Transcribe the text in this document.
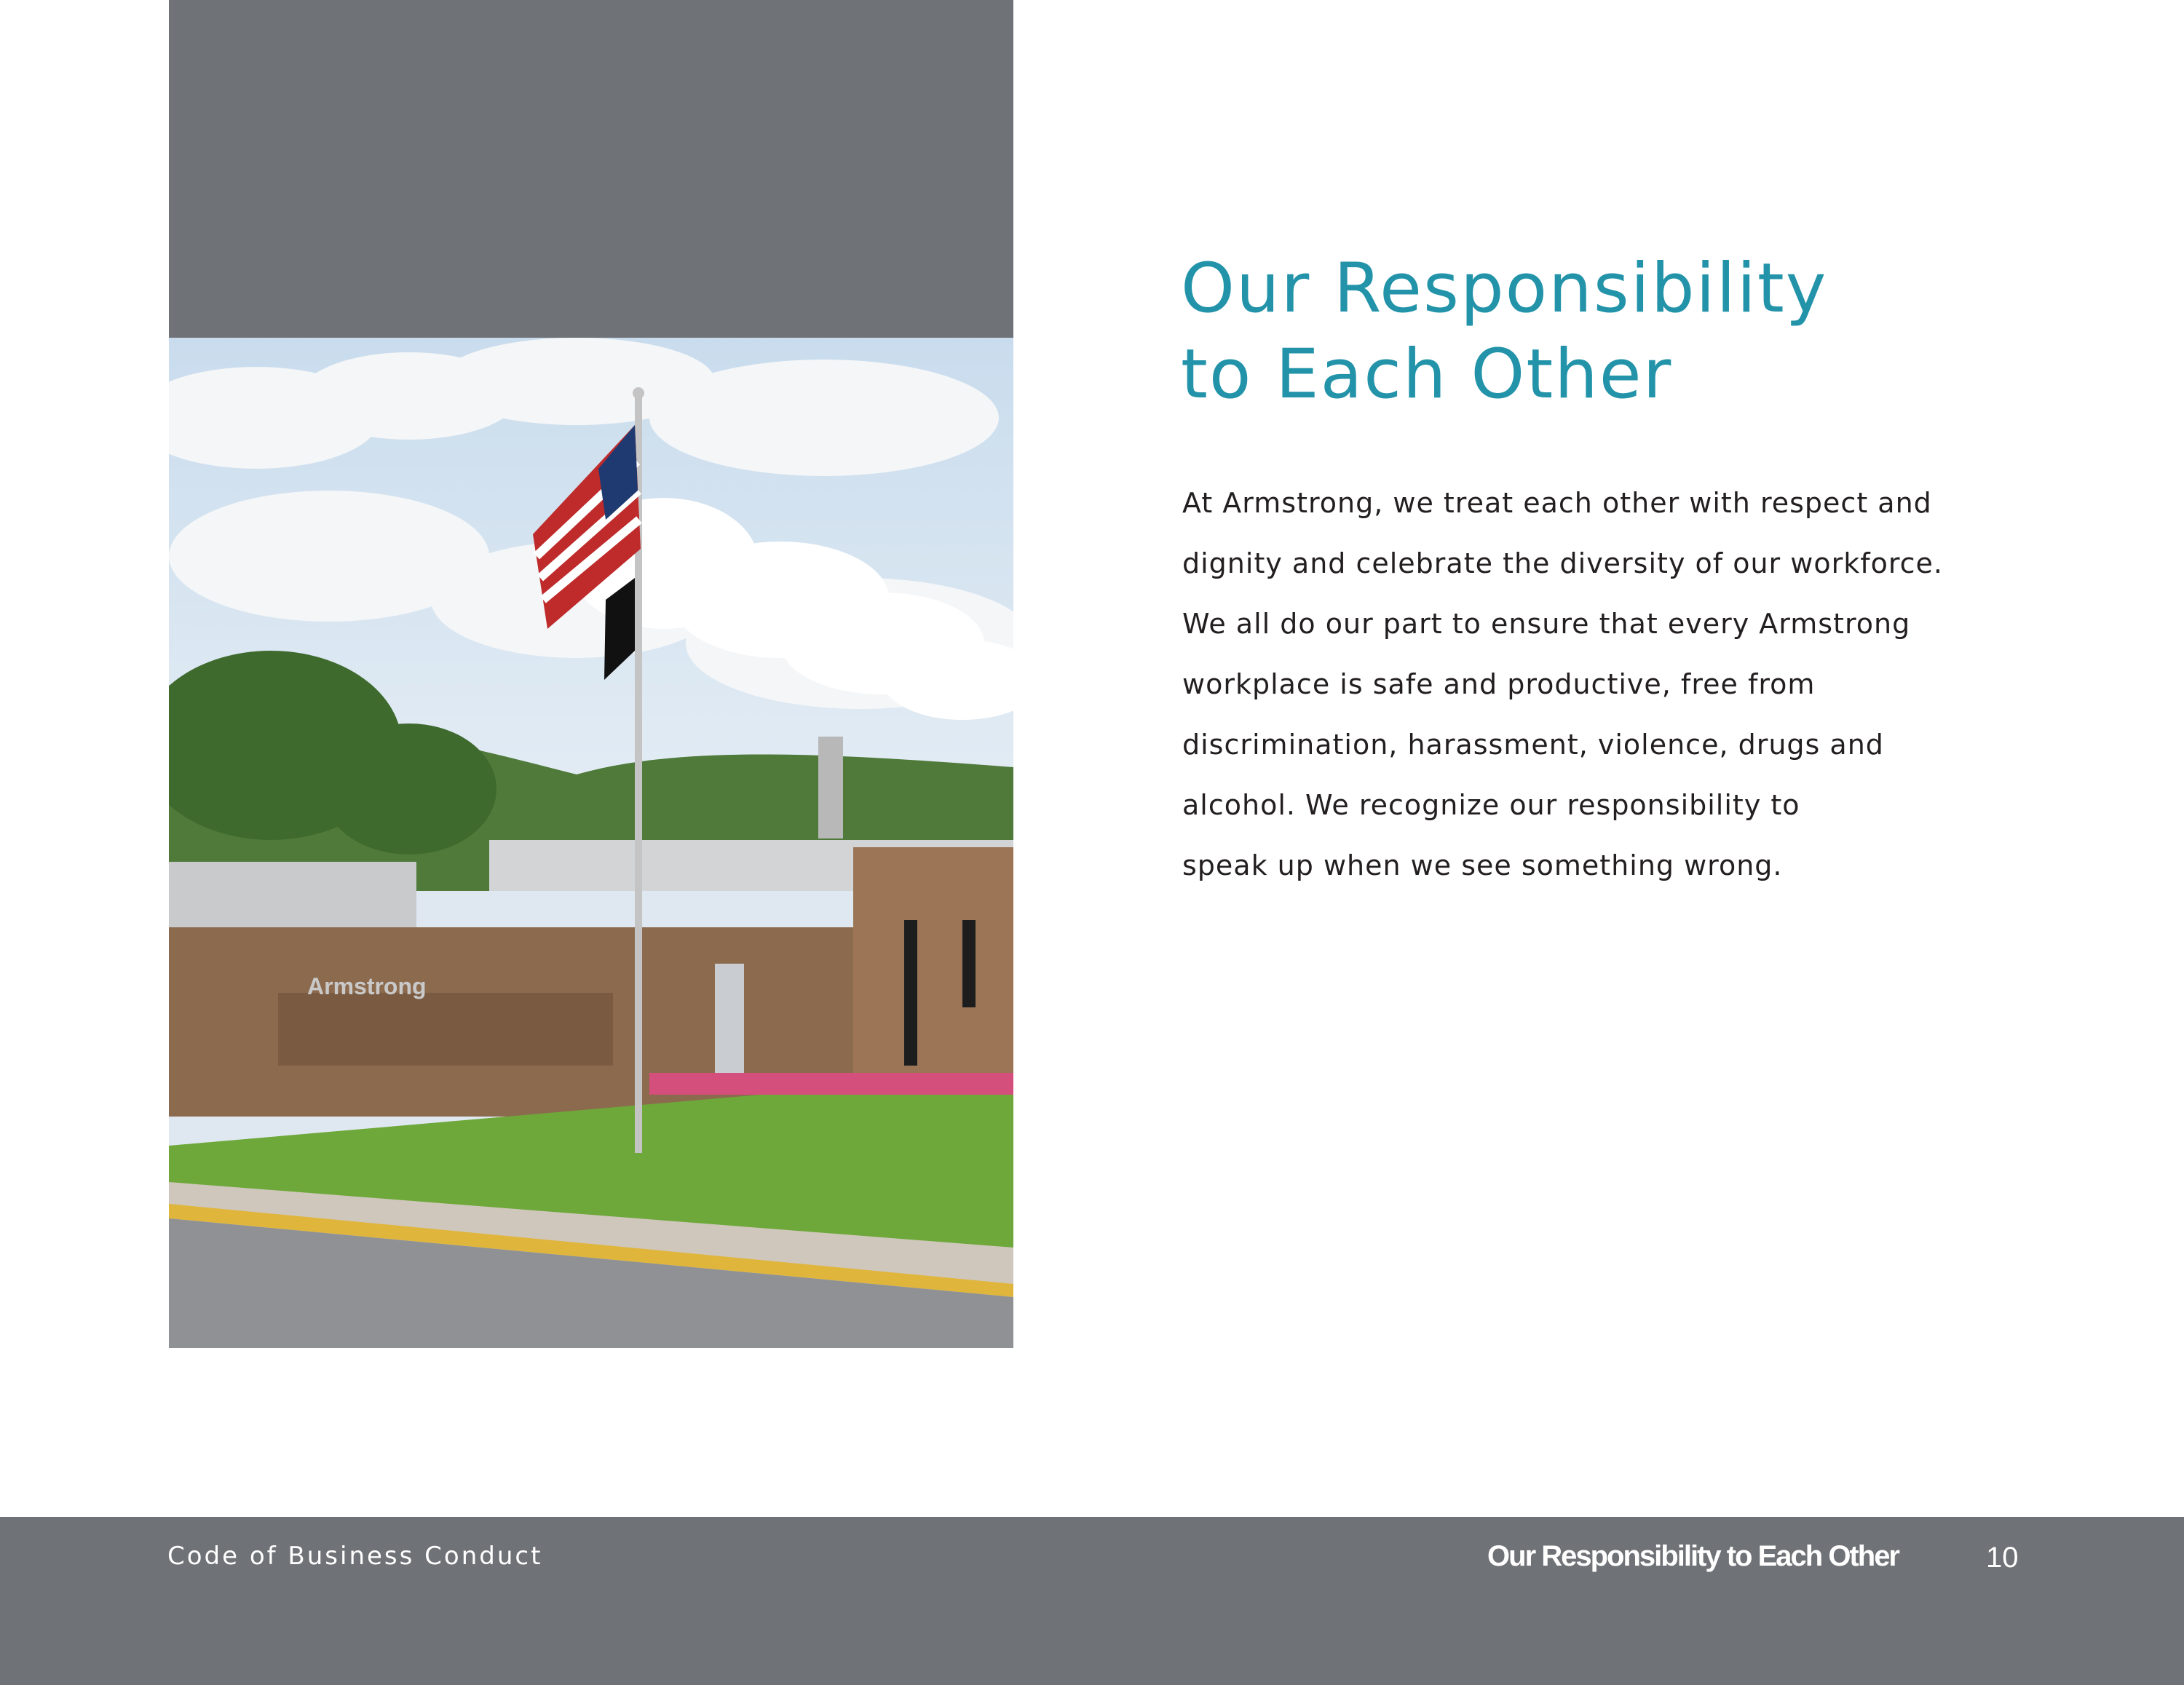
Armstrong
Our Responsibility
to Each Other
At Armstrong, we treat each other with respect and
dignity and celebrate the diversity of our workforce.
We all do our part to ensure that every Armstrong
workplace is safe and productive, free from
discrimination, harassment, violence, drugs and
alcohol. We recognize our responsibility to
speak up when we see something wrong.
Code of Business Conduct	Our Responsibility to Each Other	10
